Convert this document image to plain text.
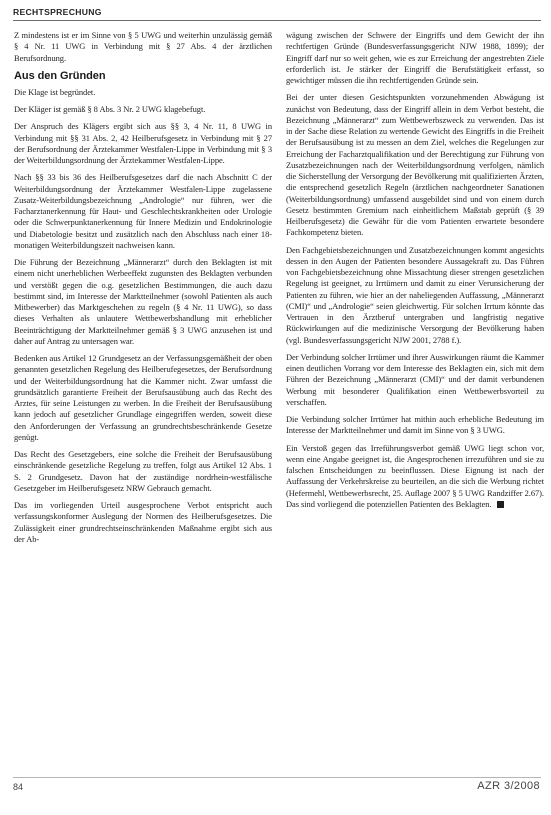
RECHTSPRECHUNG

Z mindestens ist er im Sinne von § 5 UWG und weiterhin unzulässig gemäß § 4 Nr. 11 UWG in Verbindung mit § 27 Abs. 4 der ärztlichen Berufsordnung.

Aus den Gründen

Die Klage ist begründet.

Der Kläger ist gemäß § 8 Abs. 3 Nr. 2 UWG klagebefugt.

Der Anspruch des Klägers ergibt sich aus §§ 3, 4 Nr. 11, 8 UWG in Verbindung mit §§ 31 Abs. 2, 42 Heilberufsgesetz in Verbindung mit § 27 der Berufsordnung der Ärztekammer Westfalen-Lippe in Verbindung mit § 3 der Weiterbildungsordnung der Ärztekammer Westfalen-Lippe.

Nach §§ 33 bis 36 des Heilberufsgesetzes darf die nach Abschnitt C der Weiterbildungsordnung der Ärztekammer Westfalen-Lippe zugelassene Zusatz-Weiterbildungsbezeichnung „Andrologie“ nur führen, wer die Facharztanerkennung für Haut- und Geschlechtskrankheiten oder Urologie oder die Schwerpunktanerkennung für Innere Medizin und Endokrinologie und Diabetologie besitzt und zusätzlich nach den Abschluss nach einer 18-monatigen Weiterbildungszeit nachweisen kann.

Die Führung der Bezeichnung „Männerarzt“ durch den Beklagten ist mit einem nicht unerheblichen Werbeeffekt zugunsten des Beklagten verbunden und verstößt gegen die o.g. gesetzlichen Bestimmungen, die auch dazu bestimmt sind, im Interesse der Marktteilnehmer (sowohl Patienten als auch Mitbewerber) das Marktgeschehen zu regeln (§ 4 Nr. 11 UWG), so dass dieses Verhalten als unlautere Wettbewerbshandlung mit erheblicher Beeinträchtigung der Marktteilnehmer gemäß § 3 UWG anzusehen ist und daher auf Antrag zu untersagen war.

Bedenken aus Artikel 12 Grundgesetz an der Verfassungsgemäßheit der oben genannten gesetzlichen Regelung des Heilberufegesetzes, der Berufsordnung und der Weiterbildungsordnung hat die Kammer nicht. Zwar umfasst die grundsätzlich garantierte Freiheit der Berufsausübung auch das Recht des Arztes, für seine Leistungen zu werben. In die Freiheit der Berufsausübung kann jedoch auf gesetzlicher Grundlage eingegriffen werden, soweit diese den Anforderungen der Verfassung an grundrechtsbeschränkende Gesetze genügt.

Das Recht des Gesetzgebers, eine solche die Freiheit der Berufsausübung einschränkende gesetzliche Regelung zu treffen, folgt aus Artikel 12 Abs. 1 S. 2 Grundgesetz. Davon hat der zuständige nordrhein-westfälische Gesetzgeber im Heilberufsgesetz NRW Gebrauch gemacht.

Das im vorliegenden Urteil ausgesprochene Verbot entspricht auch verfassungskonformer Auslegung der Normen des Heilberufsgesetzes. Die Zulässigkeit einer grundrechtseinschränkenden Maßnahme ergibt sich aus der Ab-

wägung zwischen der Schwere der Eingriffs und dem Gewicht der ihn rechtfertigen Gründe (Bundesverfassungsgericht NJW 1988, 1899); der Eingriff darf nur so weit gehen, wie es zur Erreichung der angestrebten Ziele erforderlich ist. Je stärker der Eingriff die Berufstätigkeit erfasst, so gewichtiger müssen die ihn rechtfertigenden Gründe sein.

Bei der unter diesen Gesichtspunkten vorzunehmenden Abwägung ist zunächst von Bedeutung, dass der Eingriff allein in dem Verbot besteht, die Bezeichnung „Männerarzt“ zum Wettbewerbszweck zu verwenden. Das ist in der Sache diese Relation zu wertende Gewicht des Eingriffs in die Freiheit der Berufsausübung ist zu messen an dem Ziel, welches die Regelungen zur Erreichung der Facharztqualifikation und der Berechtigung zur Führung von Zusatzbezeichnungen nach der Weiterbildungsordnung verfolgen, nämlich die Sicherstellung der Versorgung der Bevölkerung mit qualifizierten Ärzten, die entsprechend gesetzlich Regeln (ärztlichen nachgeordneter Sanationen (Weiterbildungsordnung) umfassend ausgebildet sind und von einem durch Gesetz bestimmten Gremium nach einheitlichem Maßstab geprüft (§ 39 Heilberufsgesetz) die Gewähr für die vom Patienten erwartete besondere Fachkompetenz bieten.

Den Fachgebietsbezeichnungen und Zusatzbezeichnungen kommt angesichts dessen in den Augen der Patienten besondere Aussagekraft zu. Das Führen von Fachgebietsbezeichnung ohne Missachtung dieser strengen gesetzlichen Regelung ist geeignet, zu Irrtümern und damit zu einer Verunsicherung der Patienten zu führen, wie hier an der naheliegenden Auffassung, „Männerarzt (CMI)“ und „Andrologie“ seien gleichwertig. Für solchen Irrtum könnte das Vertrauen in den Ärztberuf untergraben und langfristig negative Rückwirkungen auf die medizinische Versorgung der Bevölkerung haben (vgl. Bundesverfassungsgericht NJW 2001, 2788 f.).

Der Verbindung solcher Irrtümer und ihrer Auswirkungen räumt die Kammer einen deutlichen Vorrang vor dem Interesse des Beklagten ein, sich mit dem Führen der Bezeichnung „Männerarzt (CMI)“ und der damit verbundenen Werbung mit besonderer Qualifikation einen Wettbewerbsvorteil zu verschaffen.

Die Verbindung solcher Irrtümer hat mithin auch erhebliche Bedeutung im Interesse der Marktteilnehmer und damit im Sinne von § 3 UWG.

Ein Verstoß gegen das Irreführungsverbot gemäß UWG liegt schon vor, wenn eine Angabe geeignet ist, die Angesprochenen irrezuführen und sie zu falschen Entscheidungen zu beeinflussen. Diese Eignung ist nach der Auffassung der Verkehrskreise zu beurteilen, an die sich die Werbung richtet (Hefermehl, Wettbewerbsrecht, 25. Auflage 2007 § 5 UWG Randziffer 2.67). Das sind vorliegend die potenziellen Patienten des Beklagten.

84	AZR 3/2008
